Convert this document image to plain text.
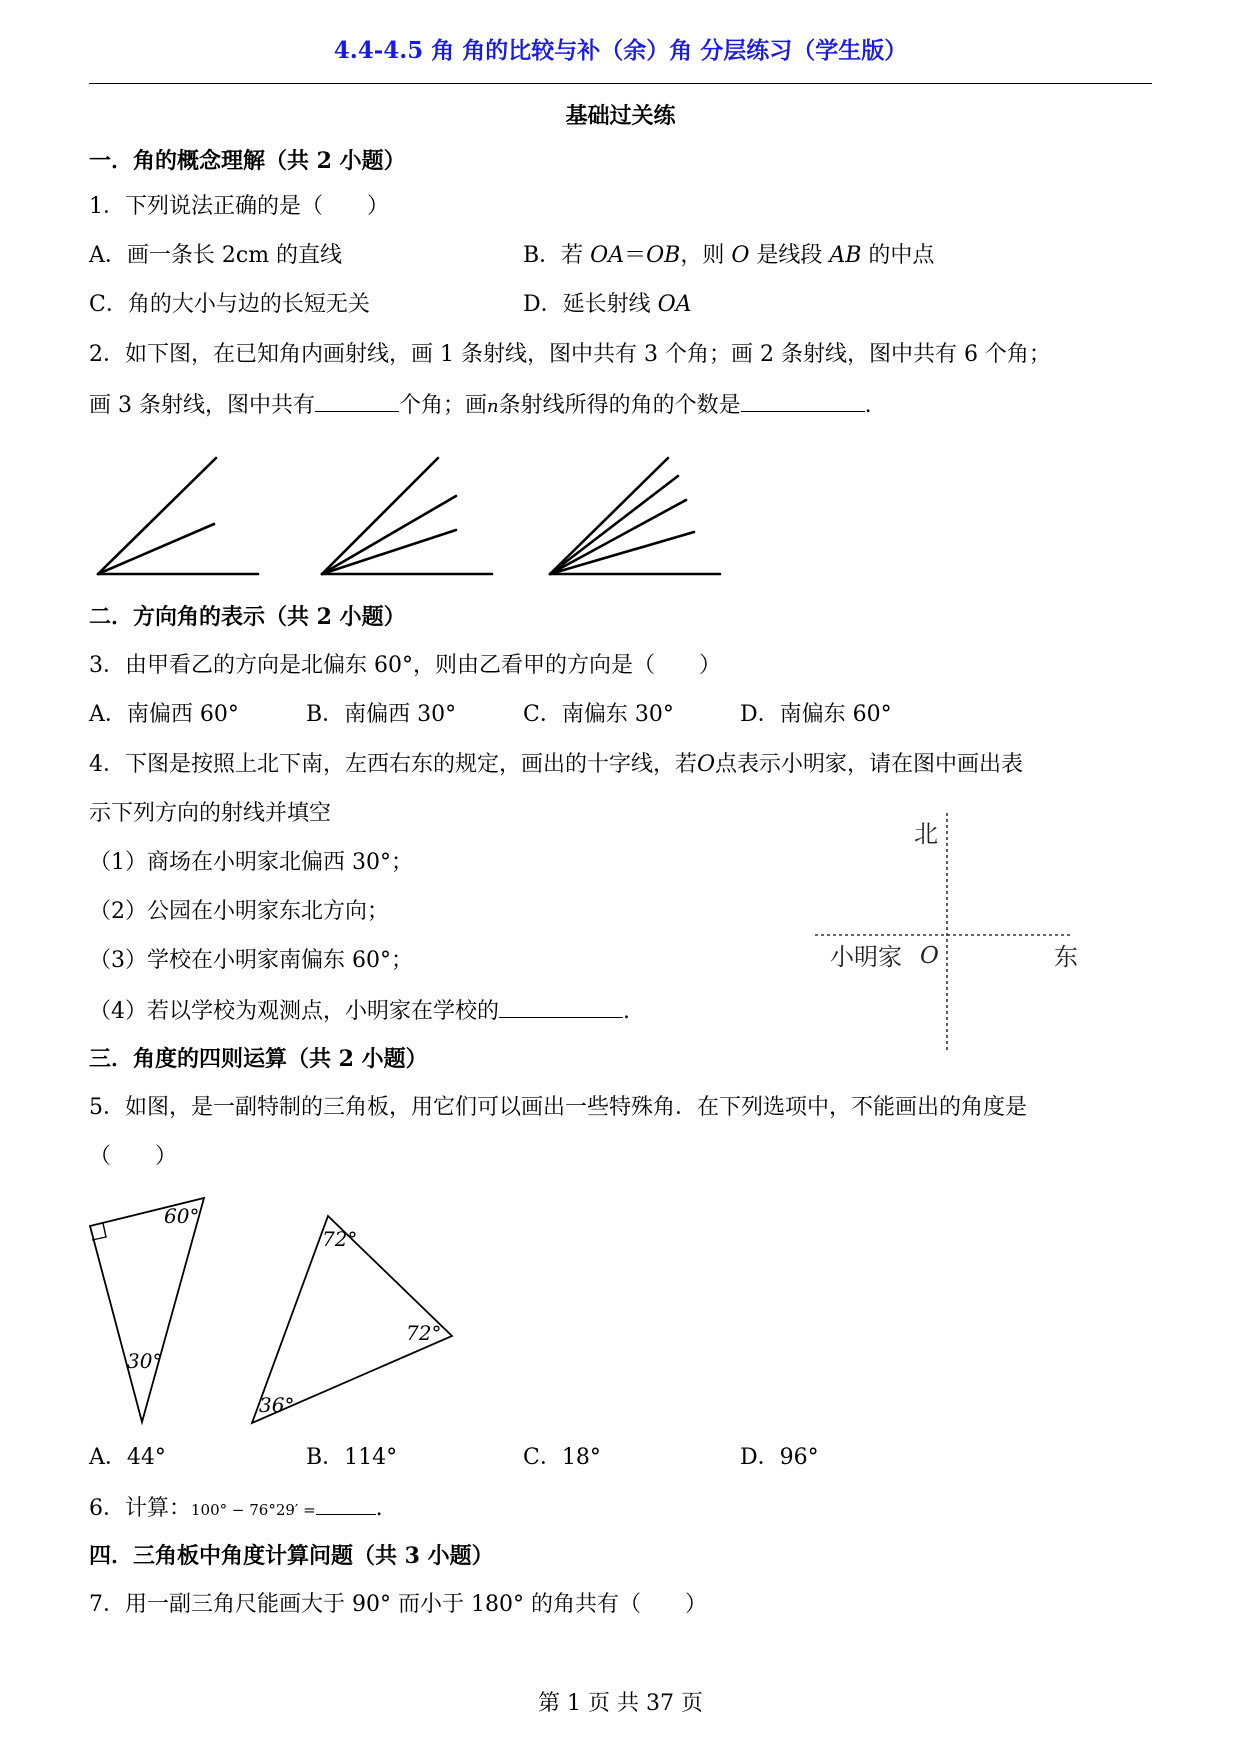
4.4-4.5 角 角的比较与补（余）角 分层练习（学生版）
基础过关练
一．角的概念理解（共 2 小题）
1．下列说法正确的是（　　）
A．画一条长 2cm 的直线	B．若 OA＝OB，则 O 是线段 AB 的中点
C．角的大小与边的长短无关	D．延长射线 OA
2．如下图，在已知角内画射线，画 1 条射线，图中共有 3 个角；画 2 条射线，图中共有 6 个角；
画 3 条射线，图中共有	个角；画n条射线所得的角的个数是	.
二．方向角的表示（共 2 小题）
3．由甲看乙的方向是北偏东 60°，则由乙看甲的方向是（　　）
A．南偏西 60°	B．南偏西 30°	C．南偏东 30°	D．南偏东 60°
4．下图是按照上北下南，左西右东的规定，画出的十字线，若O点表示小明家，请在图中画出表
示下列方向的射线并填空
（1）商场在小明家北偏西 30°；
（2）公园在小明家东北方向；
（3）学校在小明家南偏东 60°；
（4）若以学校为观测点，小明家在学校的	.
北
东
小明家 O
三．角度的四则运算（共 2 小题）
5．如图，是一副特制的三角板，用它们可以画出一些特殊角．在下列选项中，不能画出的角度是
（　　）
60°
30°
72°
72°
36°
A．44°	B．114°	C．18°	D．96°
6．计算：100° − 76°29′ =	.
四．三角板中角度计算问题（共 3 小题）
7．用一副三角尺能画大于 90° 而小于 180° 的角共有（　　）
第 1 页 共 37 页
